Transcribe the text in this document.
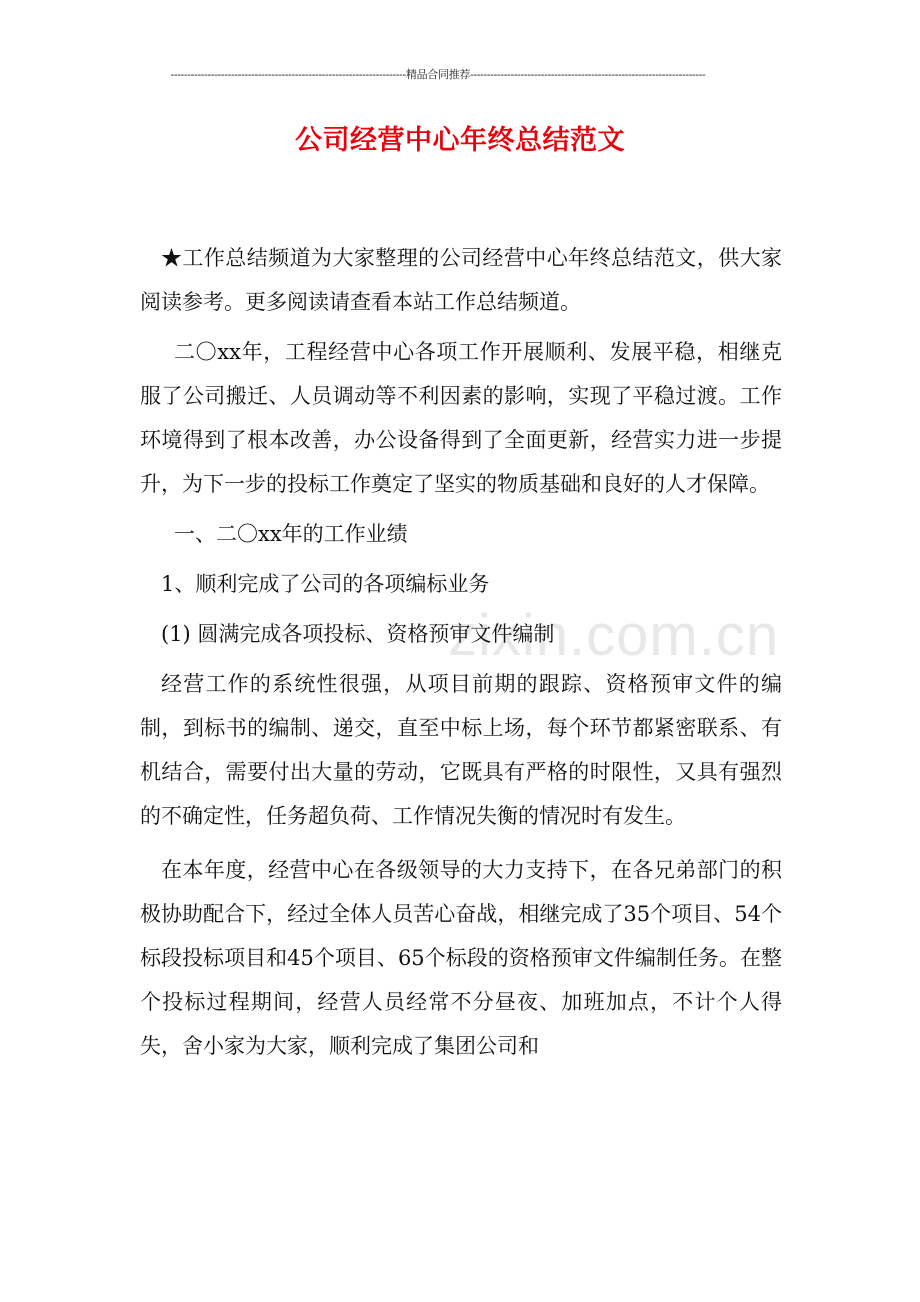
----------------------------------------------------------------------精品合同推荐----------------------------------------------------------------------
公司经营中心年终总结范文
zixin.com.cn

★工作总结频道为大家整理的公司经营中心年终总结范文，供大家阅读参考。更多阅读请查看本站工作总结频道。

二〇xx年，工程经营中心各项工作开展顺利、发展平稳，相继克服了公司搬迁、人员调动等不利因素的影响，实现了平稳过渡。工作环境得到了根本改善，办公设备得到了全面更新，经营实力进一步提升，为下一步的投标工作奠定了坚实的物质基础和良好的人才保障。

一、二〇xx年的工作业绩

1、顺利完成了公司的各项编标业务

(1) 圆满完成各项投标、资格预审文件编制

经营工作的系统性很强，从项目前期的跟踪、资格预审文件的编制，到标书的编制、递交，直至中标上场，每个环节都紧密联系、有机结合，需要付出大量的劳动，它既具有严格的时限性，又具有强烈的不确定性，任务超负荷、工作情况失衡的情况时有发生。

在本年度，经营中心在各级领导的大力支持下，在各兄弟部门的积极协助配合下，经过全体人员苦心奋战，相继完成了35个项目、54个标段投标项目和45个项目、65个标段的资格预审文件编制任务。在整个投标过程期间，经营人员经常不分昼夜、加班加点，不计个人得失，舍小家为大家，顺利完成了集团公司和
